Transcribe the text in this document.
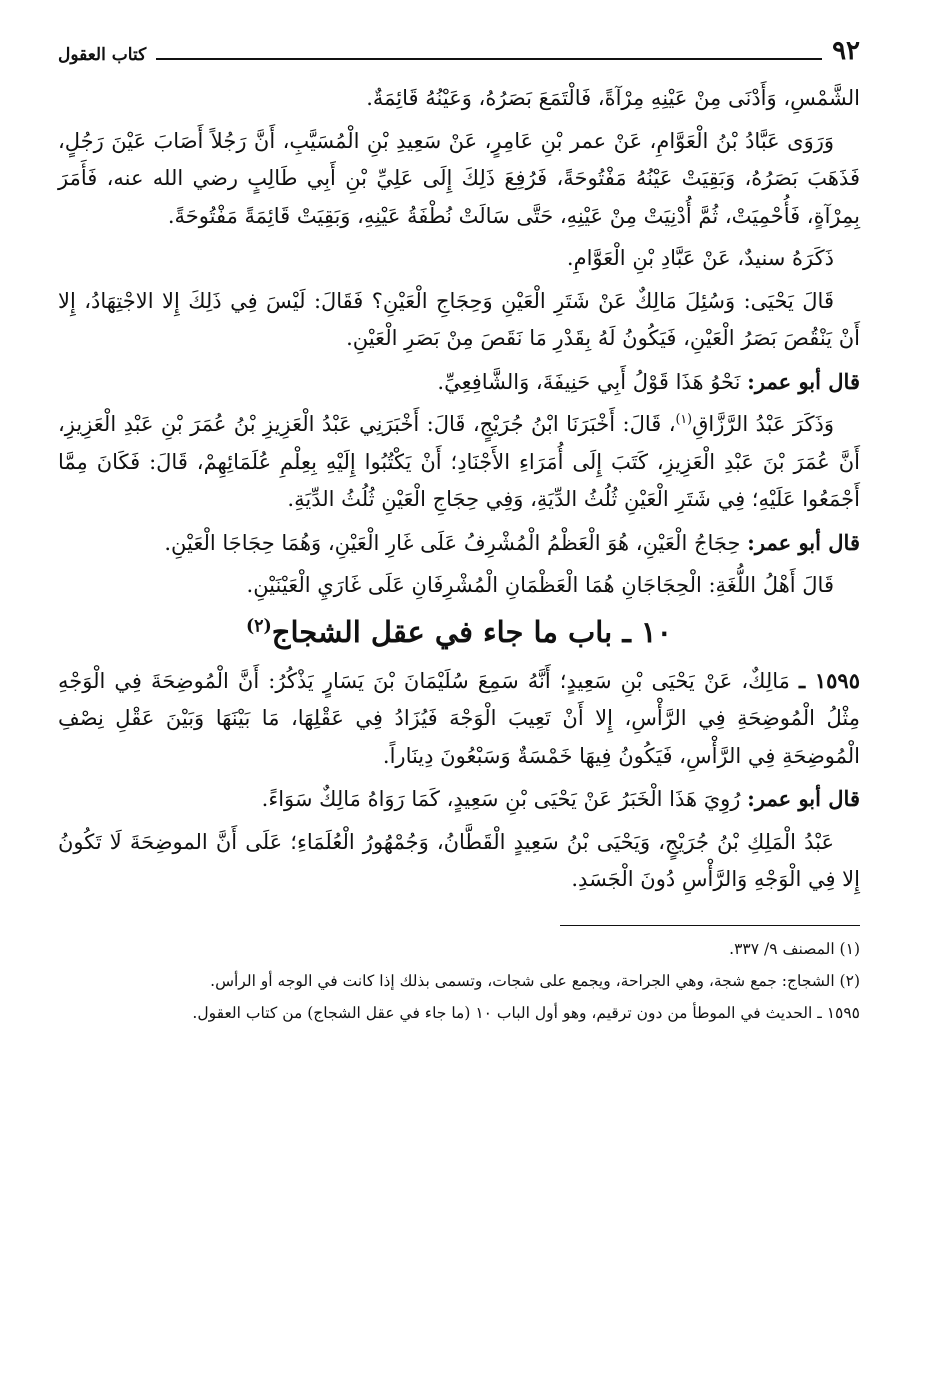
٩٢
كتاب العقول

الشَّمْسِ، وَأَدْنَى مِنْ عَيْنِهِ مِرْآةً، فَالْتَمَعَ بَصَرُهُ، وَعَيْنُهُ قَائِمَةٌ.

وَرَوَى عَبَّادُ بْنُ الْعَوَّامِ، عَنْ عمر بْنِ عَامِرٍ، عَنْ سَعِيدِ بْنِ الْمُسَيَّبِ، أَنَّ رَجُلاً أَصَابَ عَيْنَ رَجُلٍ، فَذَهَبَ بَصَرُهُ، وَبَقِيَتْ عَيْنُهُ مَفْتُوحَةً، فَرُفِعَ ذَلِكَ إِلَى عَلِيِّ بْنِ أَبِي طَالِبٍ رضي الله عنه، فَأَمَرَ بِمِرْآةٍ، فَأُحْمِيَتْ، ثُمَّ أُدْنِيَتْ مِنْ عَيْنِهِ، حَتَّى سَالَتْ نُطْفَةُ عَيْنِهِ، وَبَقِيَتْ قَائِمَةً مَفْتُوحَةً.

ذَكَرَهُ سنيدٌ، عَنْ عَبَّادِ بْنِ الْعَوَّامِ.

قَالَ يَحْيَى: وَسُئِلَ مَالِكٌ عَنْ شَتَرِ الْعَيْنِ وَحِجَاجِ الْعَيْنِ؟ فَقَالَ: لَيْسَ فِي ذَلِكَ إِلا الاجْتِهَادُ، إِلا أَنْ يَنْقُصَ بَصَرُ الْعَيْنِ، فَيَكُونُ لَهُ بِقَدْرِ مَا نَقَصَ مِنْ بَصَرِ الْعَيْنِ.

قال أبو عمر: نَحْوُ هَذَا قَوْلُ أَبِي حَنِيفَةَ، وَالشَّافِعِيِّ.

وَذَكَرَ عَبْدُ الرَّزَّاقِ$^{(١)}$، قَالَ: أَخْبَرَنَا ابْنُ جُرَيْجٍ، قَالَ: أَخْبَرَنِي عَبْدُ الْعَزِيزِ بْنُ عُمَرَ بْنِ عَبْدِ الْعَزِيزِ، أَنَّ عُمَرَ بْنَ عَبْدِ الْعَزِيزِ، كَتَبَ إِلَى أُمَرَاءِ الأَجْنَادِ؛ أَنْ يَكْتُبُوا إِلَيْهِ بِعِلْمِ عُلَمَائِهِمْ، قَالَ: فَكَانَ مِمَّا أَجْمَعُوا عَلَيْهِ؛ فِي شَتَرِ الْعَيْنِ ثُلُثُ الدِّيَةِ، وَفِي حِجَاجِ الْعَيْنِ ثُلُثُ الدِّيَةِ.

قال أبو عمر: حِجَاجُ الْعَيْنِ، هُوَ الْعَظْمُ الْمُشْرِفُ عَلَى غَارِ الْعَيْنِ، وَهُمَا حِجَاجَا الْعَيْنِ.

قَالَ أَهْلُ اللُّغَةِ: الْحِجَاجَانِ هُمَا الْعَظْمَانِ الْمُشْرِفَانِ عَلَى غَارَيِ الْعَيْنَيْنِ.

١٠ ـ باب ما جاء في عقل الشجاج$^{(٢)}$

١٥٩٥ ـ مَالِكٌ، عَنْ يَحْيَى بْنِ سَعِيدٍ؛ أَنَّهُ سَمِعَ سُلَيْمَانَ بْنَ يَسَارٍ يَذْكُرُ: أَنَّ الْمُوضِحَةَ فِي الْوَجْهِ مِثْلُ الْمُوضِحَةِ فِي الرَّأْسِ، إِلا أَنْ تَعِيبَ الْوَجْهَ فَيُزَادُ فِي عَقْلِهَا، مَا بَيْنَهَا وَبَيْنَ عَقْلِ نِصْفِ الْمُوضِحَةِ فِي الرَّأْسِ، فَيَكُونُ فِيهَا خَمْسَةٌ وَسَبْعُونَ دِينَاراً.

قال أبو عمر: رُوِيَ هَذَا الْخَبَرُ عَنْ يَحْيَى بْنِ سَعِيدٍ، كَمَا رَوَاهُ مَالِكٌ سَوَاءً.

عَبْدُ الْمَلِكِ بْنُ جُرَيْجٍ، وَيَحْيَى بْنُ سَعِيدٍ الْقَطَّانُ، وَجُمْهُورُ الْعُلَمَاءِ؛ عَلَى أَنَّ الموضِحَةَ لَا تَكُونُ إِلا فِي الْوَجْهِ وَالرَّأْسِ دُونَ الْجَسَدِ.

(١) المصنف ٩/ ٣٣٧.

(٢) الشجاج: جمع شجة، وهي الجراحة، ويجمع على شجات، وتسمى بذلك إذا كانت في الوجه أو الرأس.

١٥٩٥ ـ الحديث في الموطأ من دون ترقيم، وهو أول الباب ١٠ (ما جاء في عقل الشجاج) من كتاب العقول.
